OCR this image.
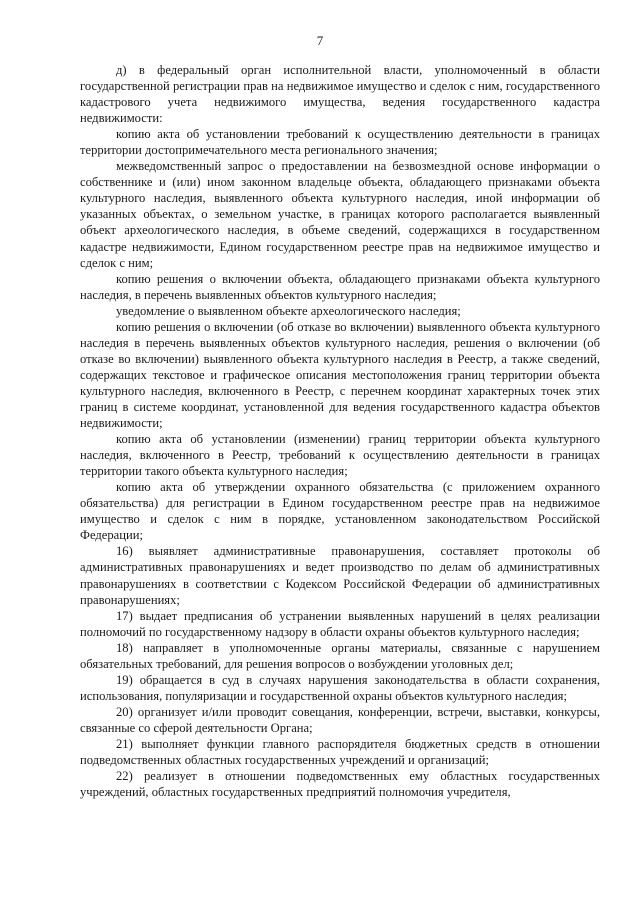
7

д) в федеральный орган исполнительной власти, уполномоченный в области государственной регистрации прав на недвижимое имущество и сделок с ним, государственного кадастрового учета недвижимого имущества, ведения государственного кадастра недвижимости:

копию акта об установлении требований к осуществлению деятельности в границах территории достопримечательного места регионального значения;

межведомственный запрос о предоставлении на безвозмездной основе информации о собственнике и (или) ином законном владельце объекта, обладающего признаками объекта культурного наследия, выявленного объекта культурного наследия, иной информации об указанных объектах, о земельном участке, в границах которого располагается выявленный объект археологического наследия, в объеме сведений, содержащихся в государственном кадастре недвижимости, Едином государственном реестре прав на недвижимое имущество и сделок с ним;

копию решения о включении объекта, обладающего признаками объекта культурного наследия, в перечень выявленных объектов культурного наследия;

уведомление о выявленном объекте археологического наследия;

копию решения о включении (об отказе во включении) выявленного объекта культурного наследия в перечень выявленных объектов культурного наследия, решения о включении (об отказе во включении) выявленного объекта культурного наследия в Реестр, а также сведений, содержащих текстовое и графическое описания местоположения границ территории объекта культурного наследия, включенного в Реестр, с перечнем координат характерных точек этих границ в системе координат, установленной для ведения государственного кадастра объектов недвижимости;

копию акта об установлении (изменении) границ территории объекта культурного наследия, включенного в Реестр, требований к осуществлению деятельности в границах территории такого объекта культурного наследия;

копию акта об утверждении охранного обязательства (с приложением охранного обязательства) для регистрации в Едином государственном реестре прав на недвижимое имущество и сделок с ним в порядке, установленном законодательством Российской Федерации;

16) выявляет административные правонарушения, составляет протоколы об административных правонарушениях и ведет производство по делам об административных правонарушениях в соответствии с Кодексом Российской Федерации об административных правонарушениях;

17) выдает предписания об устранении выявленных нарушений в целях реализации полномочий по государственному надзору в области охраны объектов культурного наследия;

18) направляет в уполномоченные органы материалы, связанные с нарушением обязательных требований, для решения вопросов о возбуждении уголовных дел;

19) обращается в суд в случаях нарушения законодательства в области сохранения, использования, популяризации и государственной охраны объектов культурного наследия;

20) организует и/или проводит совещания, конференции, встречи, выставки, конкурсы, связанные со сферой деятельности Органа;

21) выполняет функции главного распорядителя бюджетных средств в отношении подведомственных областных государственных учреждений и организаций;

22) реализует в отношении подведомственных ему областных государственных учреждений, областных государственных предприятий полномочия учредителя,
